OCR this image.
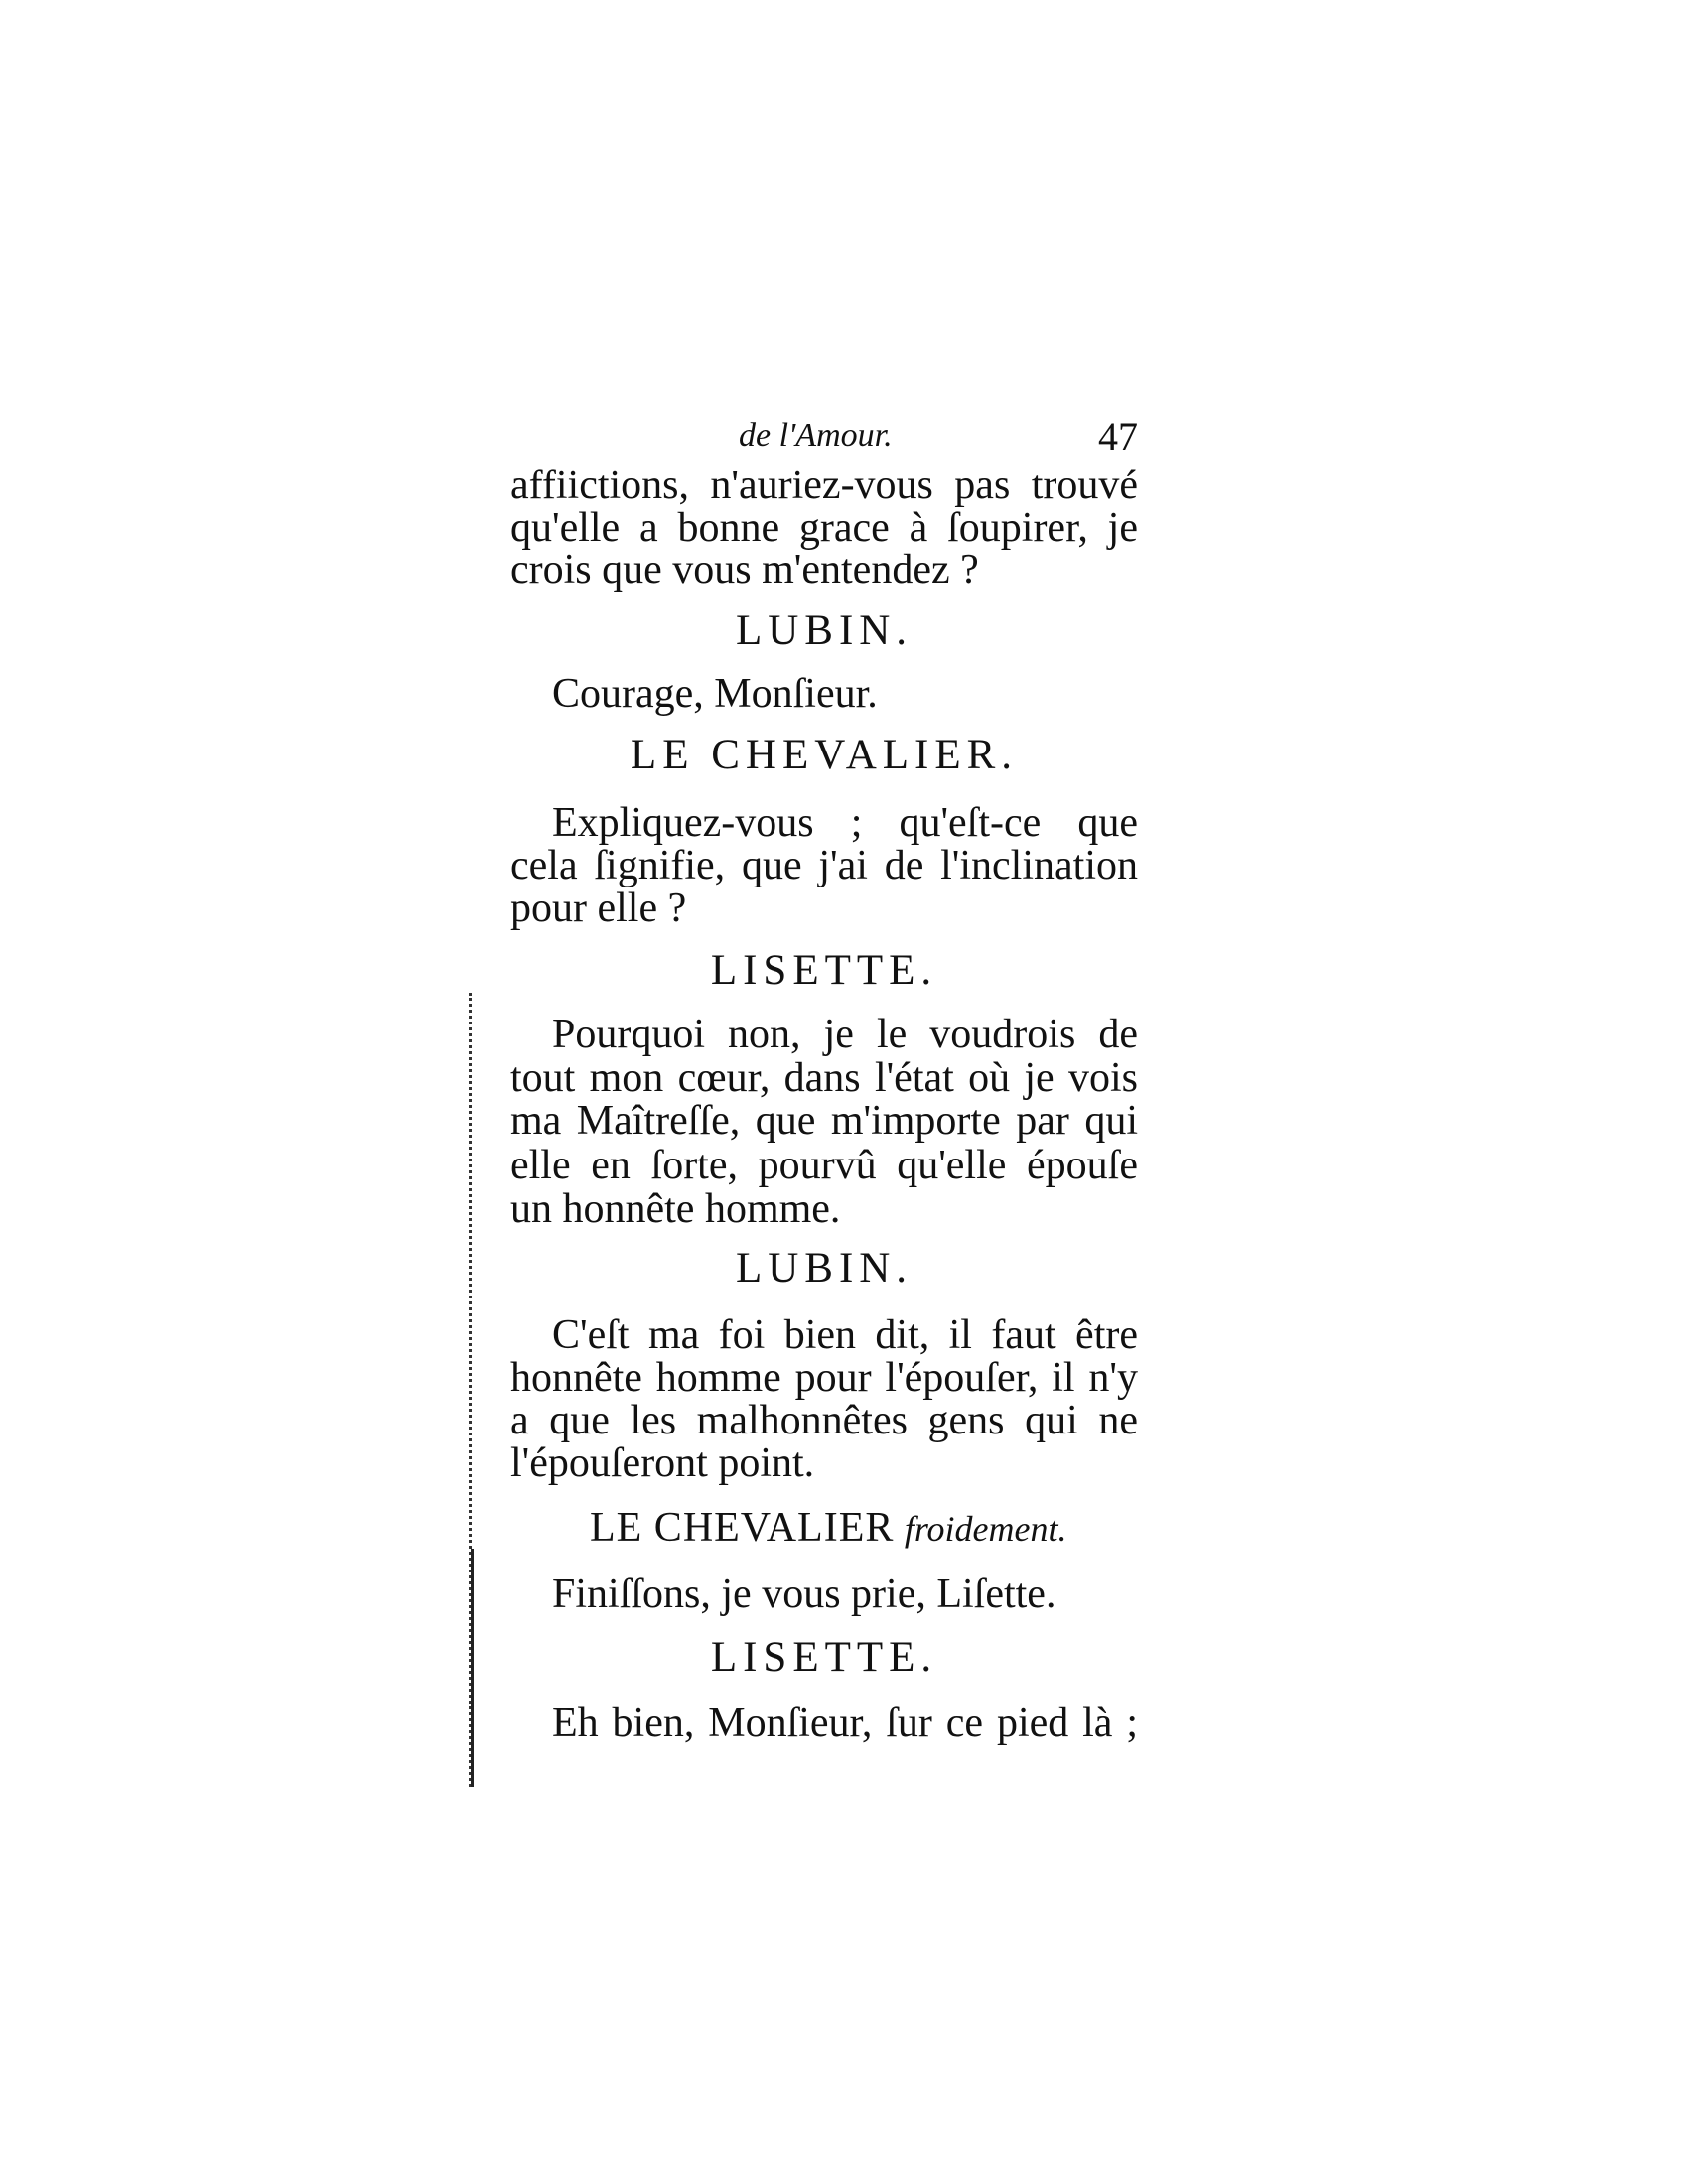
de l'Amour.	47
affiictions, n'auriez-vous pas trouvé
qu'elle a bonne grace à ſoupirer, je
crois que vous m'entendez ?
LUBIN.
Courage, Monſieur.
LE CHEVALIER.
Expliquez-vous ; qu'eſt-ce que
cela ſignifie, que j'ai de l'inclination
pour elle ?
LISETTE.
Pourquoi non, je le voudrois de
tout mon cœur, dans l'état où je vois
ma Maîtreſſe, que m'importe par qui
elle en ſorte, pourvû qu'elle épouſe
un honnête homme.
LUBIN.
C'eſt ma foi bien dit, il faut être
honnête homme pour l'épouſer, il n'y
a que les malhonnêtes gens qui ne
l'épouſeront point.
LE CHEVALIER froidement.
Finiſſons, je vous prie, Liſette.
LISETTE.
Eh bien, Monſieur, ſur ce pied là ;
